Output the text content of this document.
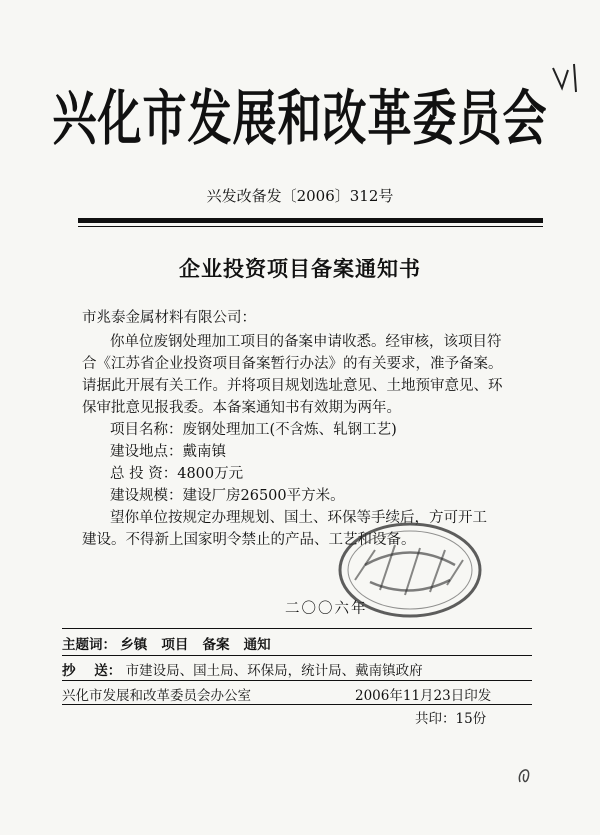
兴化市发展和改革委员会
兴发改备发〔2006〕312号
企业投资项目备案通知书
市兆泰金属材料有限公司：
你单位废钢处理加工项目的备案申请收悉。经审核，该项目符
合《江苏省企业投资项目备案暂行办法》的有关要求，准予备案。
请据此开展有关工作。并将项目规划选址意见、土地预审意见、环
保审批意见报我委。本备案通知书有效期为两年。
项目名称：废钢处理加工(不含炼、轧钢工艺)
建设地点：戴南镇
总 投 资：4800万元
建设规模：建设厂房26500平方米。
望你单位按规定办理规划、国土、环保等手续后，方可开工
建设。不得新上国家明令禁止的产品、工艺和设备。
二〇〇六年
主题词： 乡镇   项目   备案   通知
抄    送： 市建设局、国土局、环保局，统计局、戴南镇政府
兴化市发展和改革委员会办公室	2006年11月23日印发
共印：15份
